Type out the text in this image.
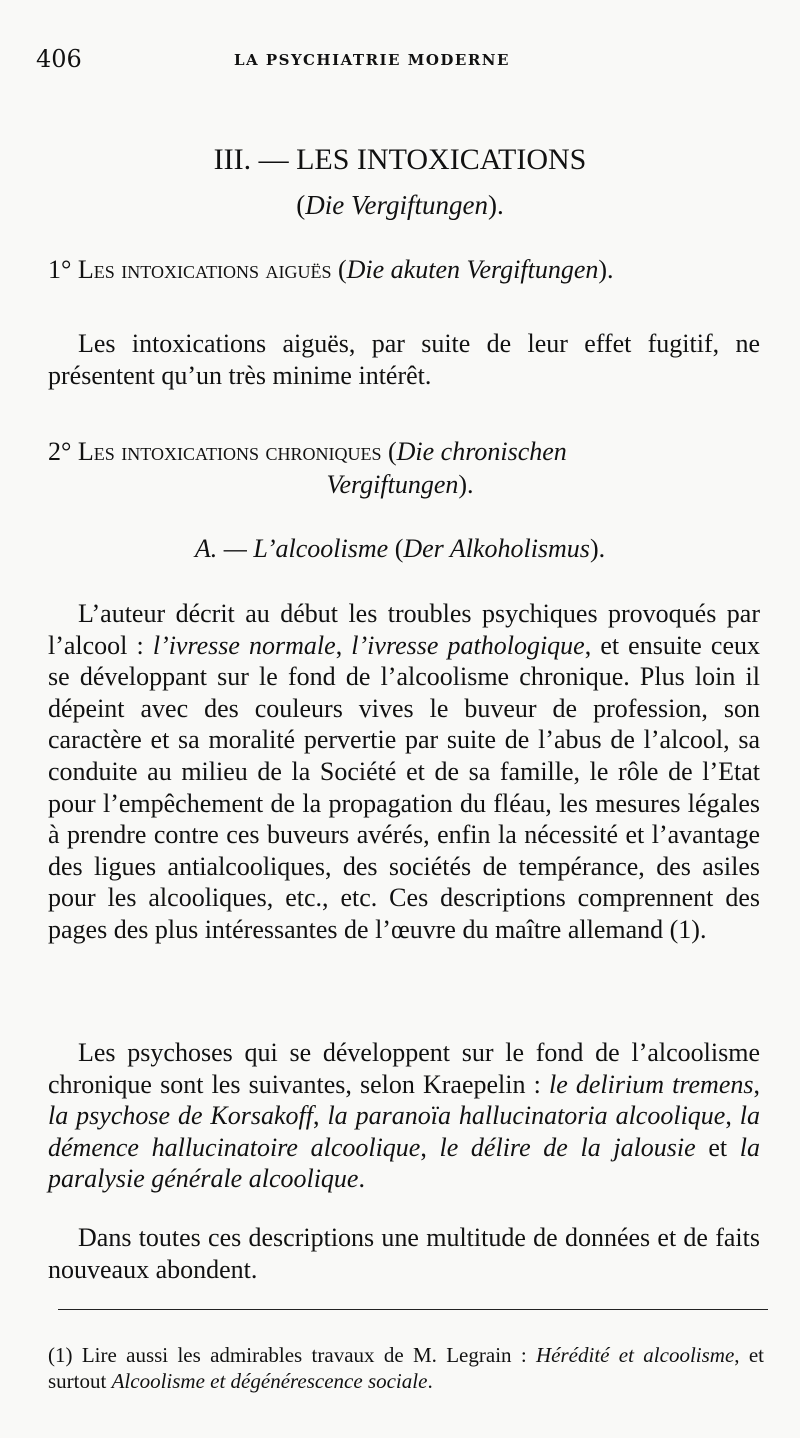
406	LA PSYCHIATRIE MODERNE
III. — LES INTOXICATIONS
(Die Vergiftungen).
1° Les intoxications aiguës (Die akuten Vergiftungen).
Les intoxications aiguës, par suite de leur effet fugitif, ne présentent qu’un très minime intérêt.
2° Les intoxications chroniques (Die chronischen
Vergiftungen).
A. — L’alcoolisme (Der Alkoholismus).
L’auteur décrit au début les troubles psychiques provoqués par l’alcool : l’ivresse normale, l’ivresse pathologique, et ensuite ceux se développant sur le fond de l’alcoolisme chronique. Plus loin il dépeint avec des couleurs vives le buveur de profession, son caractère et sa moralité pervertie par suite de l’abus de l’alcool, sa conduite au milieu de la Société et de sa famille, le rôle de l’Etat pour l’empêchement de la propagation du fléau, les mesures légales à prendre contre ces buveurs avérés, enfin la nécessité et l’avantage des ligues antialcooliques, des sociétés de tempérance, des asiles pour les alcooliques, etc., etc. Ces descriptions comprennent des pages des plus intéressantes de l’œuvre du maître allemand (1).
Les psychoses qui se développent sur le fond de l’alcoolisme chronique sont les suivantes, selon Kraepelin : le delirium tremens, la psychose de Korsakoff, la paranoïa hallucinatoria alcoolique, la démence hallucinatoire alcoolique, le délire de la jalousie et la paralysie générale alcoolique.
Dans toutes ces descriptions une multitude de données et de faits nouveaux abondent.
(1) Lire aussi les admirables travaux de M. Legrain : Hérédité et alcoolisme, et surtout Alcoolisme et dégénérescence sociale.
